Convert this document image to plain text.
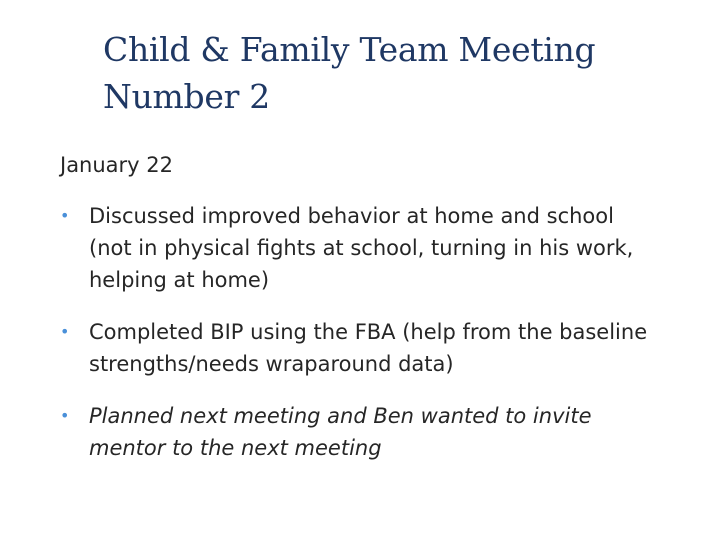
Child & Family Team Meeting
Number 2

January 22

• Discussed improved behavior at home and school (not in physical fights at school, turning in his work, helping at home)
• Completed BIP using the FBA (help from the baseline strengths/needs wraparound data)
• Planned next meeting and Ben wanted to invite mentor to the next meeting
